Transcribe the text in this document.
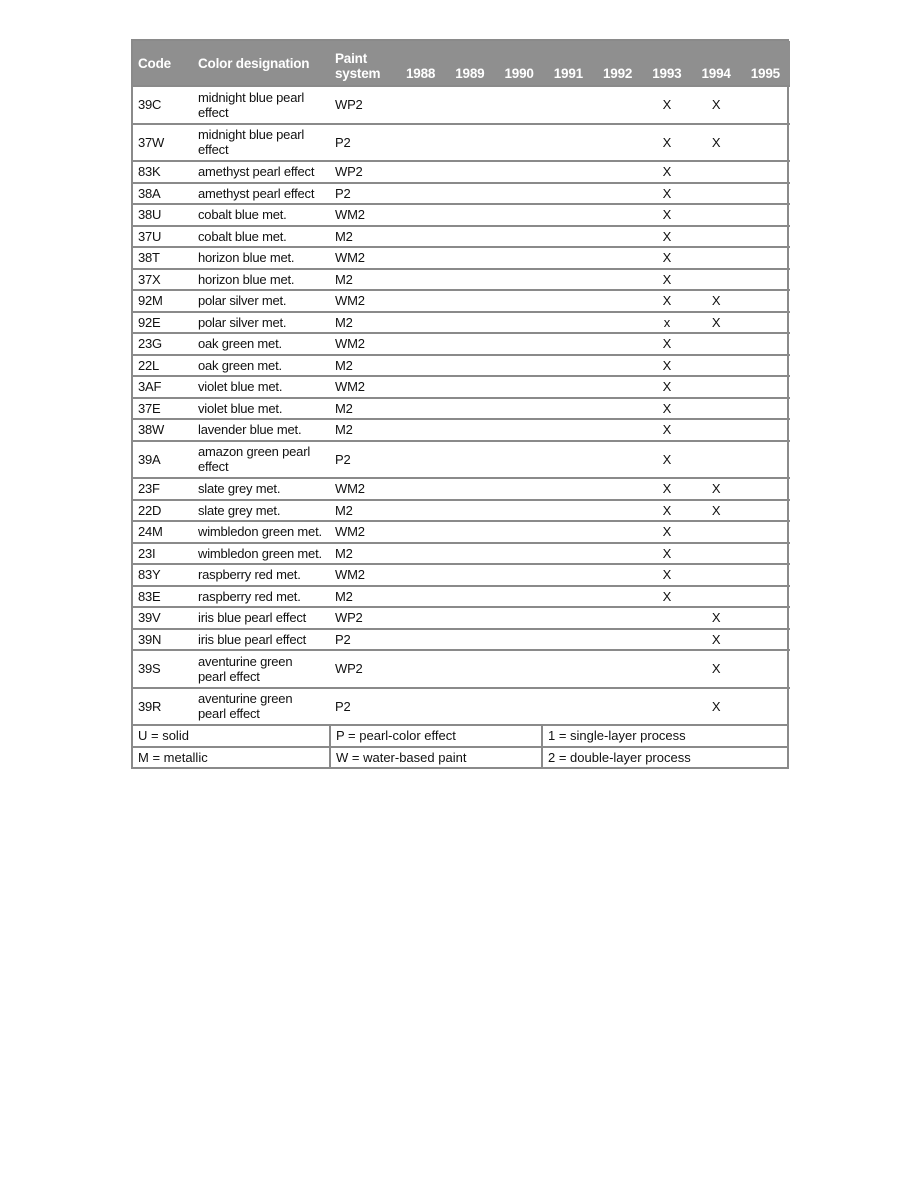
Code	Color designation	Paint system	1988	1989	1990	1991	1992	1993	1994	1995
39C	midnight blue pearl effect	WP2						X	X	
37W	midnight blue pearl effect	P2						X	X	
83K	amethyst pearl effect	WP2						X		
38A	amethyst pearl effect	P2						X		
38U	cobalt blue met.	WM2						X		
37U	cobalt blue met.	M2						X		
38T	horizon blue met.	WM2						X		
37X	horizon blue met.	M2						X		
92M	polar silver met.	WM2						X	X	
92E	polar silver met.	M2						x	X	
23G	oak green met.	WM2						X		
22L	oak green met.	M2						X		
3AF	violet blue met.	WM2						X		
37E	violet blue met.	M2						X		
38W	lavender blue met.	M2						X		
39A	amazon green pearl effect	P2						X		
23F	slate grey met.	WM2						X	X	
22D	slate grey met.	M2						X	X	
24M	wimbledon green met.	WM2						X		
23I	wimbledon green met.	M2						X		
83Y	raspberry red met.	WM2						X		
83E	raspberry red met.	M2						X		
39V	iris blue pearl effect	WP2							X	
39N	iris blue pearl effect	P2							X	
39S	aventurine green pearl effect	WP2							X	
39R	aventurine green pearl effect	P2							X	
U = solid	P = pearl-color effect	1 = single-layer process
M = metallic	W = water-based paint	2 = double-layer process
